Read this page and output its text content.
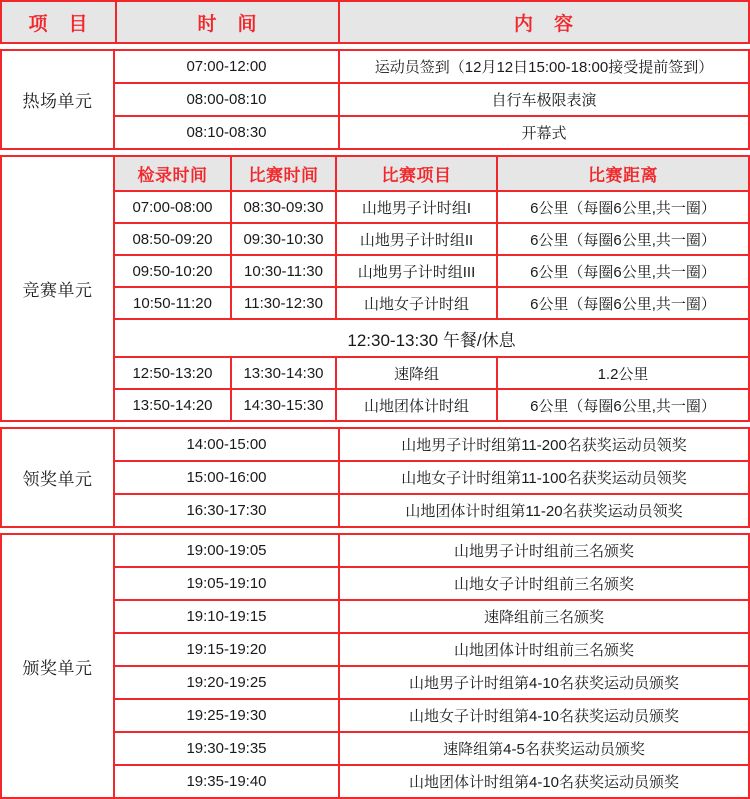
项　目	时　间	内　容
热场单元
07:00-12:00	运动员签到（12月12日15:00-18:00接受提前签到）
08:00-08:10	自行车极限表演
08:10-08:30	开幕式
竞赛单元
检录时间	比赛时间	比赛项目	比赛距离
07:00-08:00	08:30-09:30	山地男子计时组I	6公里（每圈6公里,共一圈）
08:50-09:20	09:30-10:30	山地男子计时组II	6公里（每圈6公里,共一圈）
09:50-10:20	10:30-11:30	山地男子计时组III	6公里（每圈6公里,共一圈）
10:50-11:20	11:30-12:30	山地女子计时组	6公里（每圈6公里,共一圈）
12:30-13:30 午餐/休息
12:50-13:20	13:30-14:30	速降组	1.2公里
13:50-14:20	14:30-15:30	山地团体计时组	6公里（每圈6公里,共一圈）
领奖单元
14:00-15:00	山地男子计时组第11-200名获奖运动员领奖
15:00-16:00	山地女子计时组第11-100名获奖运动员领奖
16:30-17:30	山地团体计时组第11-20名获奖运动员领奖
颁奖单元
19:00-19:05	山地男子计时组前三名颁奖
19:05-19:10	山地女子计时组前三名颁奖
19:10-19:15	速降组前三名颁奖
19:15-19:20	山地团体计时组前三名颁奖
19:20-19:25	山地男子计时组第4-10名获奖运动员颁奖
19:25-19:30	山地女子计时组第4-10名获奖运动员颁奖
19:30-19:35	速降组第4-5名获奖运动员颁奖
19:35-19:40	山地团体计时组第4-10名获奖运动员颁奖
